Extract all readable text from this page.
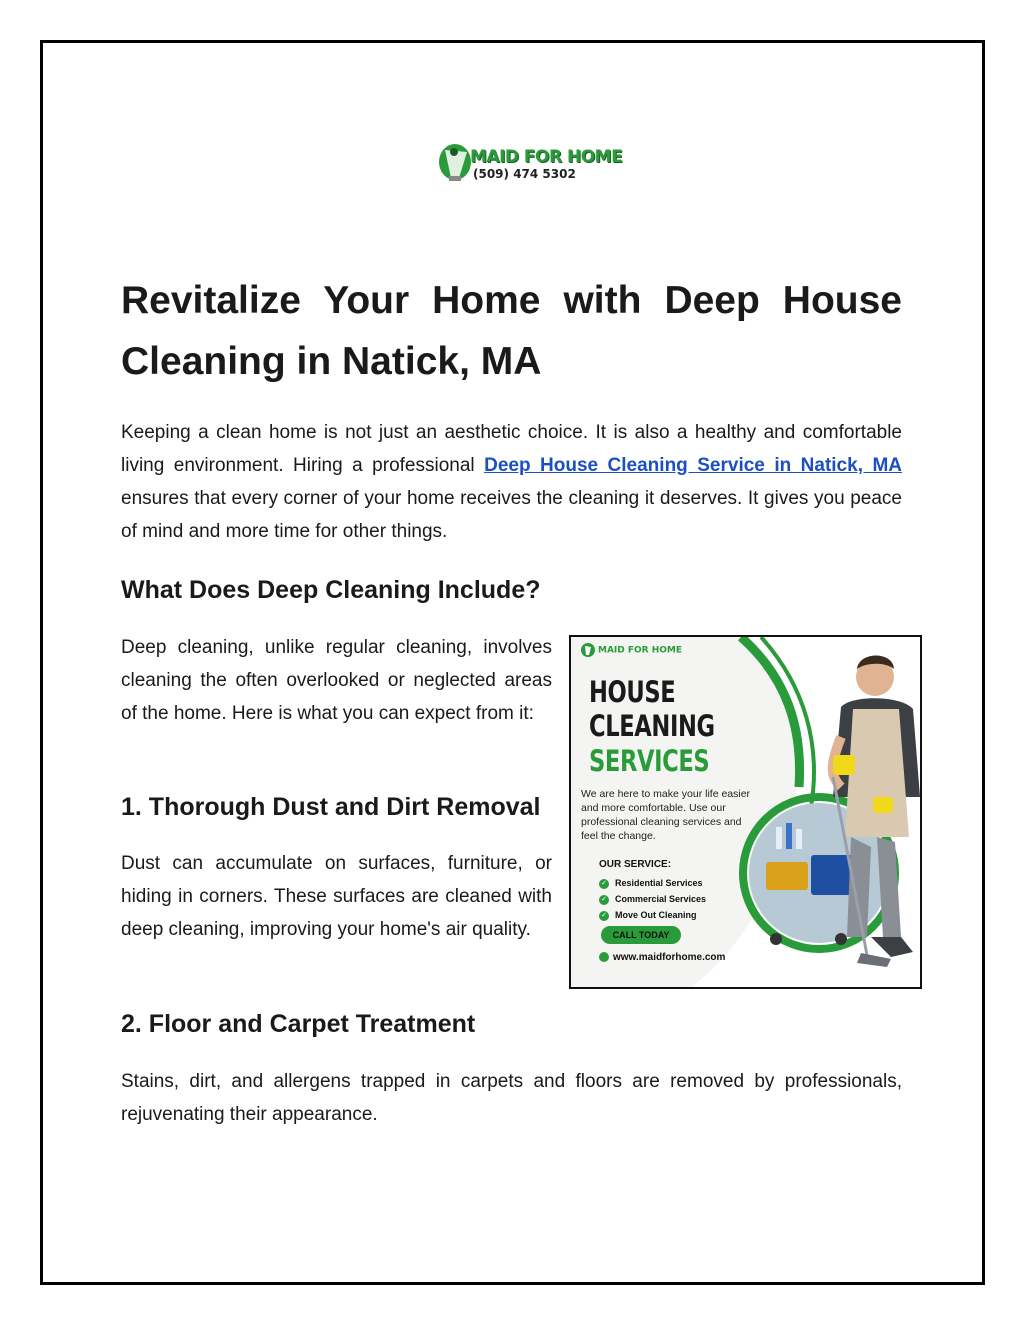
MAID FOR HOME
(509) 474 5302
Revitalize Your Home with Deep House
Cleaning in Natick, MA

Keeping a clean home is not just an aesthetic choice. It is also a healthy and comfortable living environment. Hiring a professional Deep House Cleaning Service in Natick, MA ensures that every corner of your home receives the cleaning it deserves. It gives you peace of mind and more time for other things.

What Does Deep Cleaning Include?

Deep cleaning, unlike regular cleaning, involves cleaning the often overlooked or neglected areas of the home. Here is what you can expect from it:

1. Thorough Dust and Dirt Removal

Dust can accumulate on surfaces, furniture, or hiding in corners. These surfaces are cleaned with deep cleaning, improving your home's air quality.

2. Floor and Carpet Treatment

Stains, dirt, and allergens trapped in carpets and floors are removed by professionals, rejuvenating their appearance.

MAID FOR HOME
HOUSE
CLEANING
SERVICES
We are here to make your life easier and more comfortable. Use our professional cleaning services and feel the change.
OUR SERVICE:
✓ Residential Services
✓ Commercial Services
✓ Move Out Cleaning
CALL TODAY
www.maidforhome.com
